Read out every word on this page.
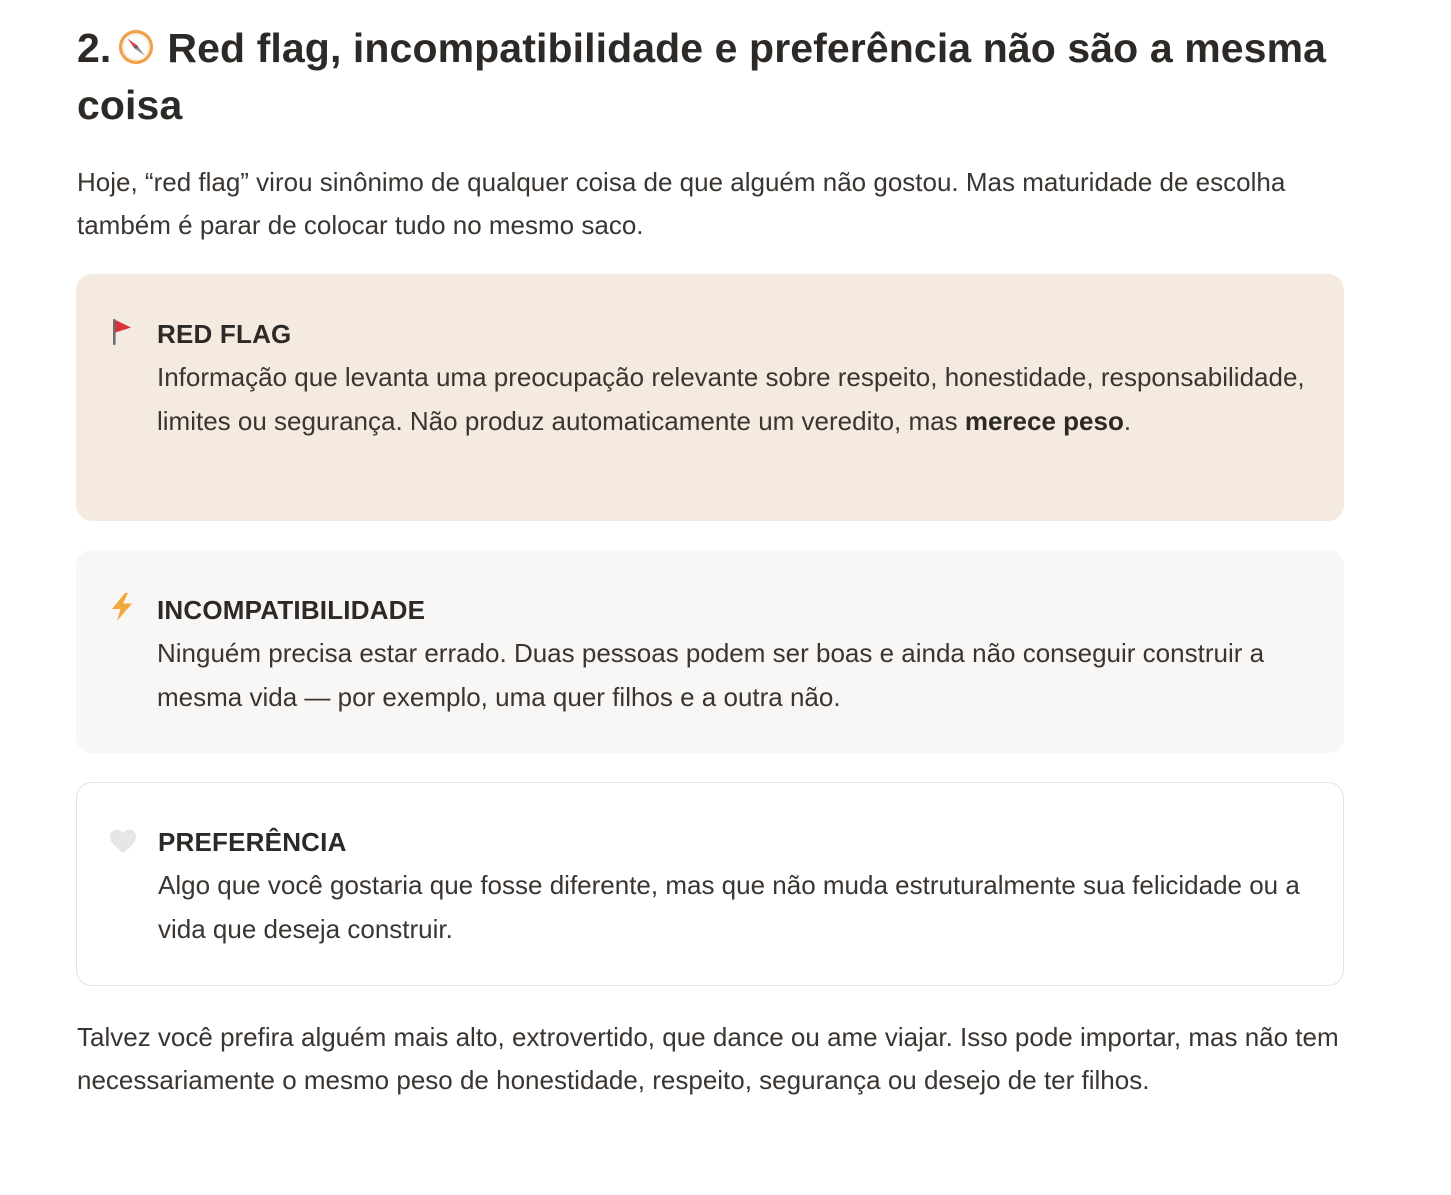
2. Red flag, incompatibilidade e preferência não são a mesma coisa

Hoje, “red flag” virou sinônimo de qualquer coisa de que alguém não gostou. Mas maturidade de escolha também é parar de colocar tudo no mesmo saco.

RED FLAG

Informação que levanta uma preocupação relevante sobre respeito, honestidade, responsabilidade, limites ou segurança. Não produz automaticamente um veredito, mas merece peso.

INCOMPATIBILIDADE

Ninguém precisa estar errado. Duas pessoas podem ser boas e ainda não conseguir construir a mesma vida — por exemplo, uma quer filhos e a outra não.

PREFERÊNCIA

Algo que você gostaria que fosse diferente, mas que não muda estruturalmente sua felicidade ou a vida que deseja construir.

Talvez você prefira alguém mais alto, extrovertido, que dance ou ame viajar. Isso pode importar, mas não tem necessariamente o mesmo peso de honestidade, respeito, segurança ou desejo de ter filhos.
